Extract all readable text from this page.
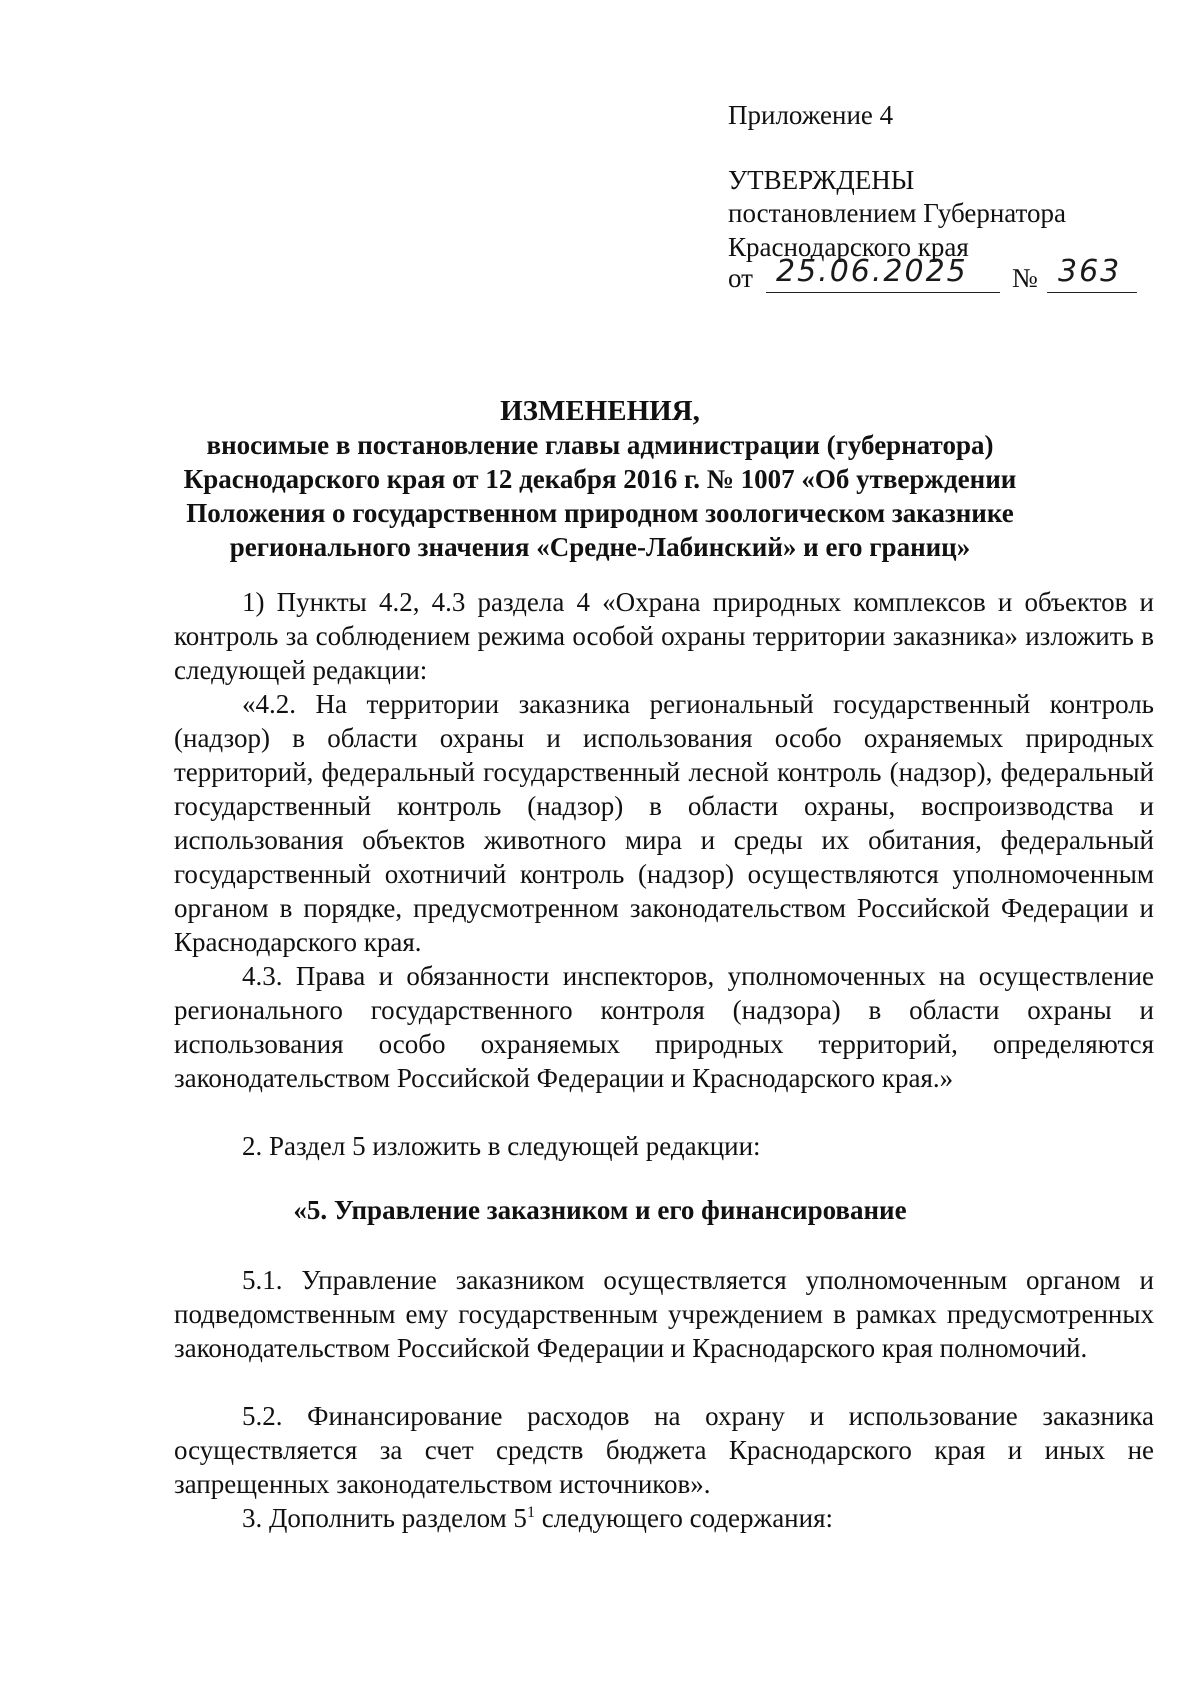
Приложение 4
УТВЕРЖДЕНЫ
постановлением Губернатора
Краснодарского края
от 25.06.2025 № 363
ИЗМЕНЕНИЯ,
вносимые в постановление главы администрации (губернатора)
Краснодарского края от 12 декабря 2016 г. № 1007 «Об утверждении
Положения о государственном природном зоологическом заказнике
регионального значения «Средне-Лабинский» и его границ»
1) Пункты 4.2, 4.3 раздела 4 «Охрана природных комплексов и объектов и контроль за соблюдением режима особой охраны территории заказника» изложить в следующей редакции:
«4.2. На территории заказника региональный государственный контроль (надзор) в области охраны и использования особо охраняемых природных территорий, федеральный государственный лесной контроль (надзор), федеральный государственный контроль (надзор) в области охраны, воспроизводства и использования объектов животного мира и среды их обитания, федеральный государственный охотничий контроль (надзор) осуществляются уполномоченным органом в порядке, предусмотренном законодательством Российской Федерации и Краснодарского края.
4.3. Права и обязанности инспекторов, уполномоченных на осуществление регионального государственного контроля (надзора) в области охраны и использования особо охраняемых природных территорий, определяются законодательством Российской Федерации и Краснодарского края.»
2. Раздел 5 изложить в следующей редакции:
«5. Управление заказником и его финансирование
5.1. Управление заказником осуществляется уполномоченным органом и подведомственным ему государственным учреждением в рамках предусмотренных законодательством Российской Федерации и Краснодарского края полномочий.
5.2. Финансирование расходов на охрану и использование заказника осуществляется за счет средств бюджета Краснодарского края и иных не запрещенных законодательством источников».
3. Дополнить разделом $5^1$ следующего содержания:
